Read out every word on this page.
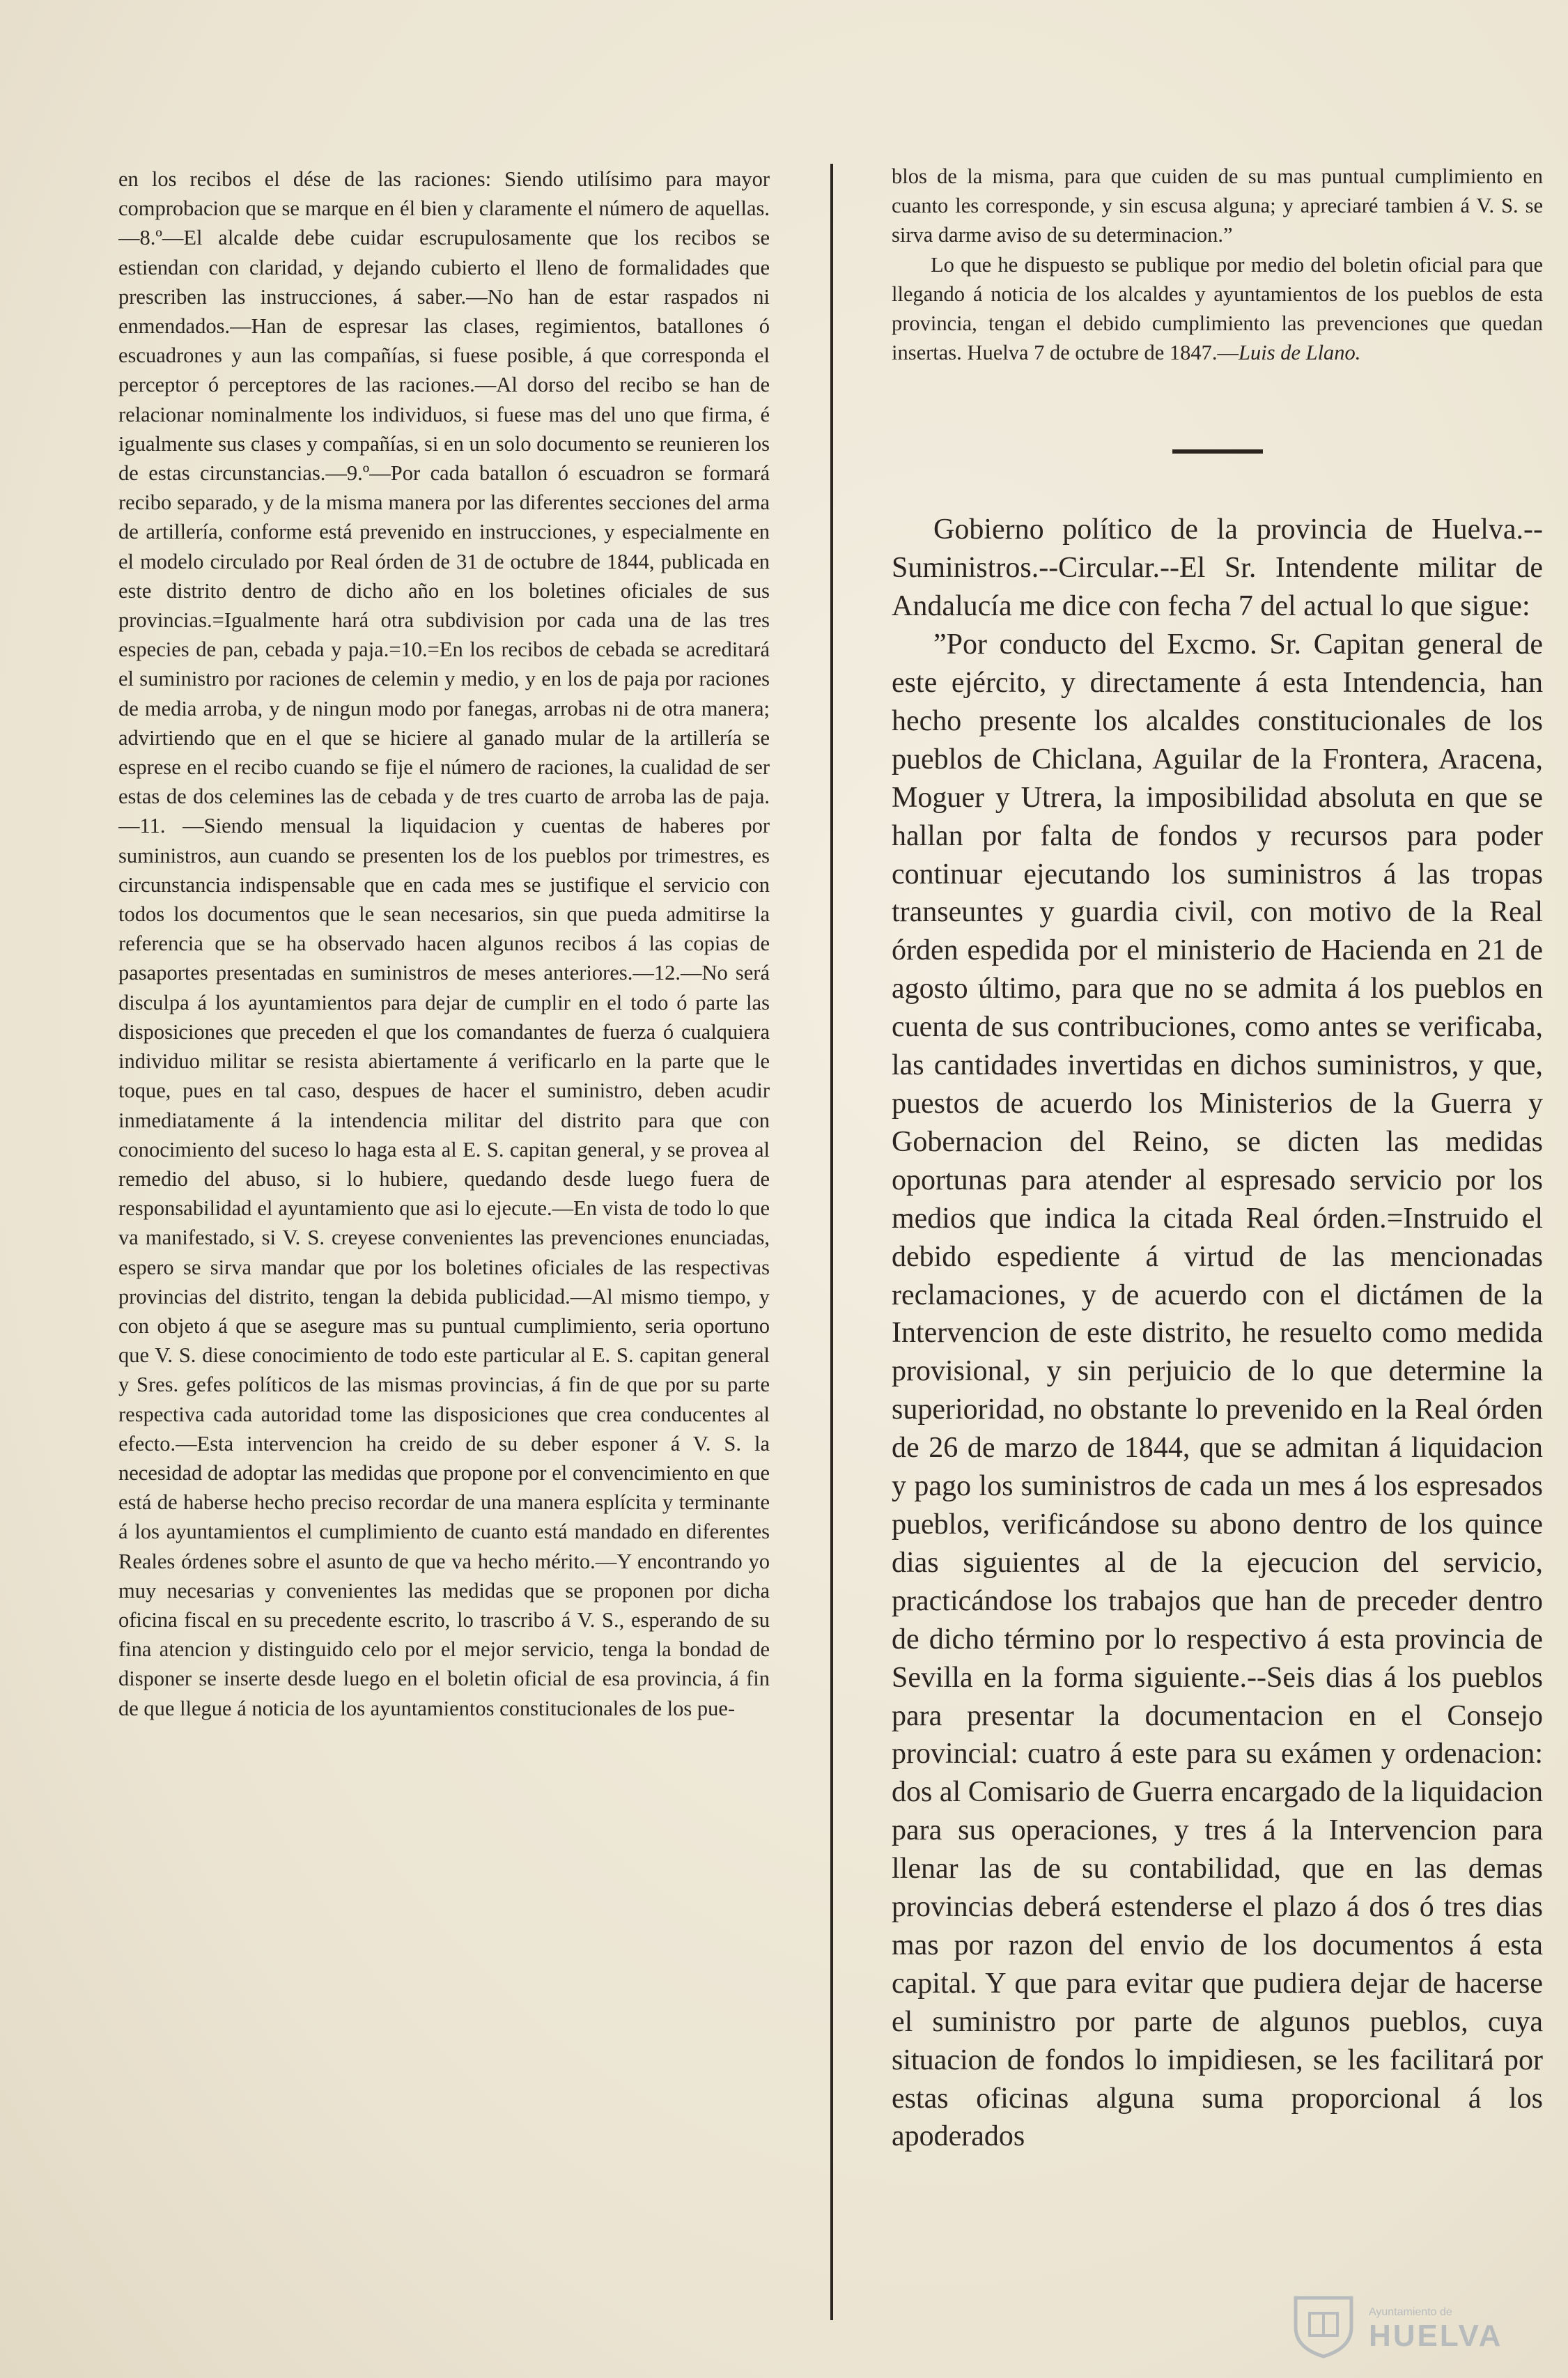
en los recibos el dése de las raciones: Siendo utilísimo para mayor comprobacion que se marque en él bien y claramente el número de aquellas.—8.º—El alcalde debe cuidar escrupulosamente que los recibos se estiendan con claridad, y dejando cubierto el lleno de formalidades que prescriben las instrucciones, á saber.—No han de estar raspados ni enmendados.—Han de espresar las clases, regimientos, batallones ó escuadrones y aun las compañías, si fuese posible, á que corresponda el perceptor ó perceptores de las raciones.—Al dorso del recibo se han de relacionar nominalmente los individuos, si fuese mas del uno que firma, é igualmente sus clases y compañías, si en un solo documento se reunieren los de estas circunstancias.—9.º—Por cada batallon ó escuadron se formará recibo separado, y de la misma manera por las diferentes secciones del arma de artillería, conforme está prevenido en instrucciones, y especialmente en el modelo circulado por Real órden de 31 de octubre de 1844, publicada en este distrito dentro de dicho año en los boletines oficiales de sus provincias.=Igualmente hará otra subdivision por cada una de las tres especies de pan, cebada y paja.=10.=En los recibos de cebada se acreditará el suministro por raciones de celemin y medio, y en los de paja por raciones de media arroba, y de ningun modo por fanegas, arrobas ni de otra manera; advirtiendo que en el que se hiciere al ganado mular de la artillería se esprese en el recibo cuando se fije el número de raciones, la cualidad de ser estas de dos celemines las de cebada y de tres cuarto de arroba las de paja.—11. —Siendo mensual la liquidacion y cuentas de haberes por suministros, aun cuando se presenten los de los pueblos por trimestres, es circunstancia indispensable que en cada mes se justifique el servicio con todos los documentos que le sean necesarios, sin que pueda admitirse la referencia que se ha observado hacen algunos recibos á las copias de pasaportes presentadas en suministros de meses anteriores.—12.—No será disculpa á los ayuntamientos para dejar de cumplir en el todo ó parte las disposiciones que preceden el que los comandantes de fuerza ó cualquiera individuo militar se resista abiertamente á verificarlo en la parte que le toque, pues en tal caso, despues de hacer el suministro, deben acudir inmediatamente á la intendencia militar del distrito para que con conocimiento del suceso lo haga esta al E. S. capitan general, y se provea al remedio del abuso, si lo hubiere, quedando desde luego fuera de responsabilidad el ayuntamiento que asi lo ejecute.—En vista de todo lo que va manifestado, si V. S. creyese convenientes las prevenciones enunciadas, espero se sirva mandar que por los boletines oficiales de las respectivas provincias del distrito, tengan la debida publicidad.—Al mismo tiempo, y con objeto á que se asegure mas su puntual cumplimiento, seria oportuno que V. S. diese conocimiento de todo este particular al E. S. capitan general y Sres. gefes políticos de las mismas provincias, á fin de que por su parte respectiva cada autoridad tome las disposiciones que crea conducentes al efecto.—Esta intervencion ha creido de su deber esponer á V. S. la necesidad de adoptar las medidas que propone por el convencimiento en que está de haberse hecho preciso recordar de una manera esplícita y terminante á los ayuntamientos el cumplimiento de cuanto está mandado en diferentes Reales órdenes sobre el asunto de que va hecho mérito.—Y encontrando yo muy necesarias y convenientes las medidas que se proponen por dicha oficina fiscal en su precedente escrito, lo trascribo á V. S., esperando de su fina atencion y distinguido celo por el mejor servicio, tenga la bondad de disponer se inserte desde luego en el boletin oficial de esa provincia, á fin de que llegue á noticia de los ayuntamientos constitucionales de los pue-

blos de la misma, para que cuiden de su mas puntual cumplimiento en cuanto les corresponde, y sin escusa alguna; y apreciaré tambien á V. S. se sirva darme aviso de su determinacion.”

Lo que he dispuesto se publique por medio del boletin oficial para que llegando á noticia de los alcaldes y ayuntamientos de los pueblos de esta provincia, tengan el debido cumplimiento las prevenciones que quedan insertas. Huelva 7 de octubre de 1847.—Luis de Llano.

Gobierno político de la provincia de Huelva.--Suministros.--Circular.--El Sr. Intendente militar de Andalucía me dice con fecha 7 del actual lo que sigue:

”Por conducto del Excmo. Sr. Capitan general de este ejército, y directamente á esta Intendencia, han hecho presente los alcaldes constitucionales de los pueblos de Chiclana, Aguilar de la Frontera, Aracena, Moguer y Utrera, la imposibilidad absoluta en que se hallan por falta de fondos y recursos para poder continuar ejecutando los suministros á las tropas transeuntes y guardia civil, con motivo de la Real órden espedida por el ministerio de Hacienda en 21 de agosto último, para que no se admita á los pueblos en cuenta de sus contribuciones, como antes se verificaba, las cantidades invertidas en dichos suministros, y que, puestos de acuerdo los Ministerios de la Guerra y Gobernacion del Reino, se dicten las medidas oportunas para atender al espresado servicio por los medios que indica la citada Real órden.=Instruido el debido espediente á virtud de las mencionadas reclamaciones, y de acuerdo con el dictámen de la Intervencion de este distrito, he resuelto como medida provisional, y sin perjuicio de lo que determine la superioridad, no obstante lo prevenido en la Real órden de 26 de marzo de 1844, que se admitan á liquidacion y pago los suministros de cada un mes á los espresados pueblos, verificándose su abono dentro de los quince dias siguientes al de la ejecucion del servicio, practicándose los trabajos que han de preceder dentro de dicho término por lo respectivo á esta provincia de Sevilla en la forma siguiente.--Seis dias á los pueblos para presentar la documentacion en el Consejo provincial: cuatro á este para su exámen y ordenacion: dos al Comisario de Guerra encargado de la liquidacion para sus operaciones, y tres á la Intervencion para llenar las de su contabilidad, que en las demas provincias deberá estenderse el plazo á dos ó tres dias mas por razon del envio de los documentos á esta capital. Y que para evitar que pudiera dejar de hacerse el suministro por parte de algunos pueblos, cuya situacion de fondos lo impidiesen, se les facilitará por estas oficinas alguna suma proporcional á los apoderados

Ayuntamiento de
HUELVA
